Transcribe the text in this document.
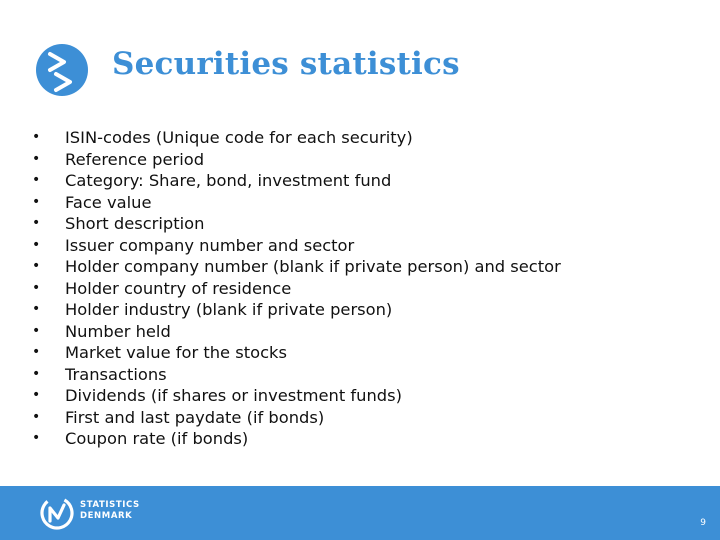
Securities statistics
• ISIN-codes (Unique code for each security)
• Reference period
• Category: Share, bond, investment fund
• Face value
• Short description
• Issuer company number and sector
• Holder company number (blank if private person) and sector
• Holder country of residence
• Holder industry (blank if private person)
• Number held
• Market value for the stocks
• Transactions
• Dividends (if shares or investment funds)
• First and last paydate (if bonds)
• Coupon rate (if bonds)
STATISTICS
DENMARK
9
